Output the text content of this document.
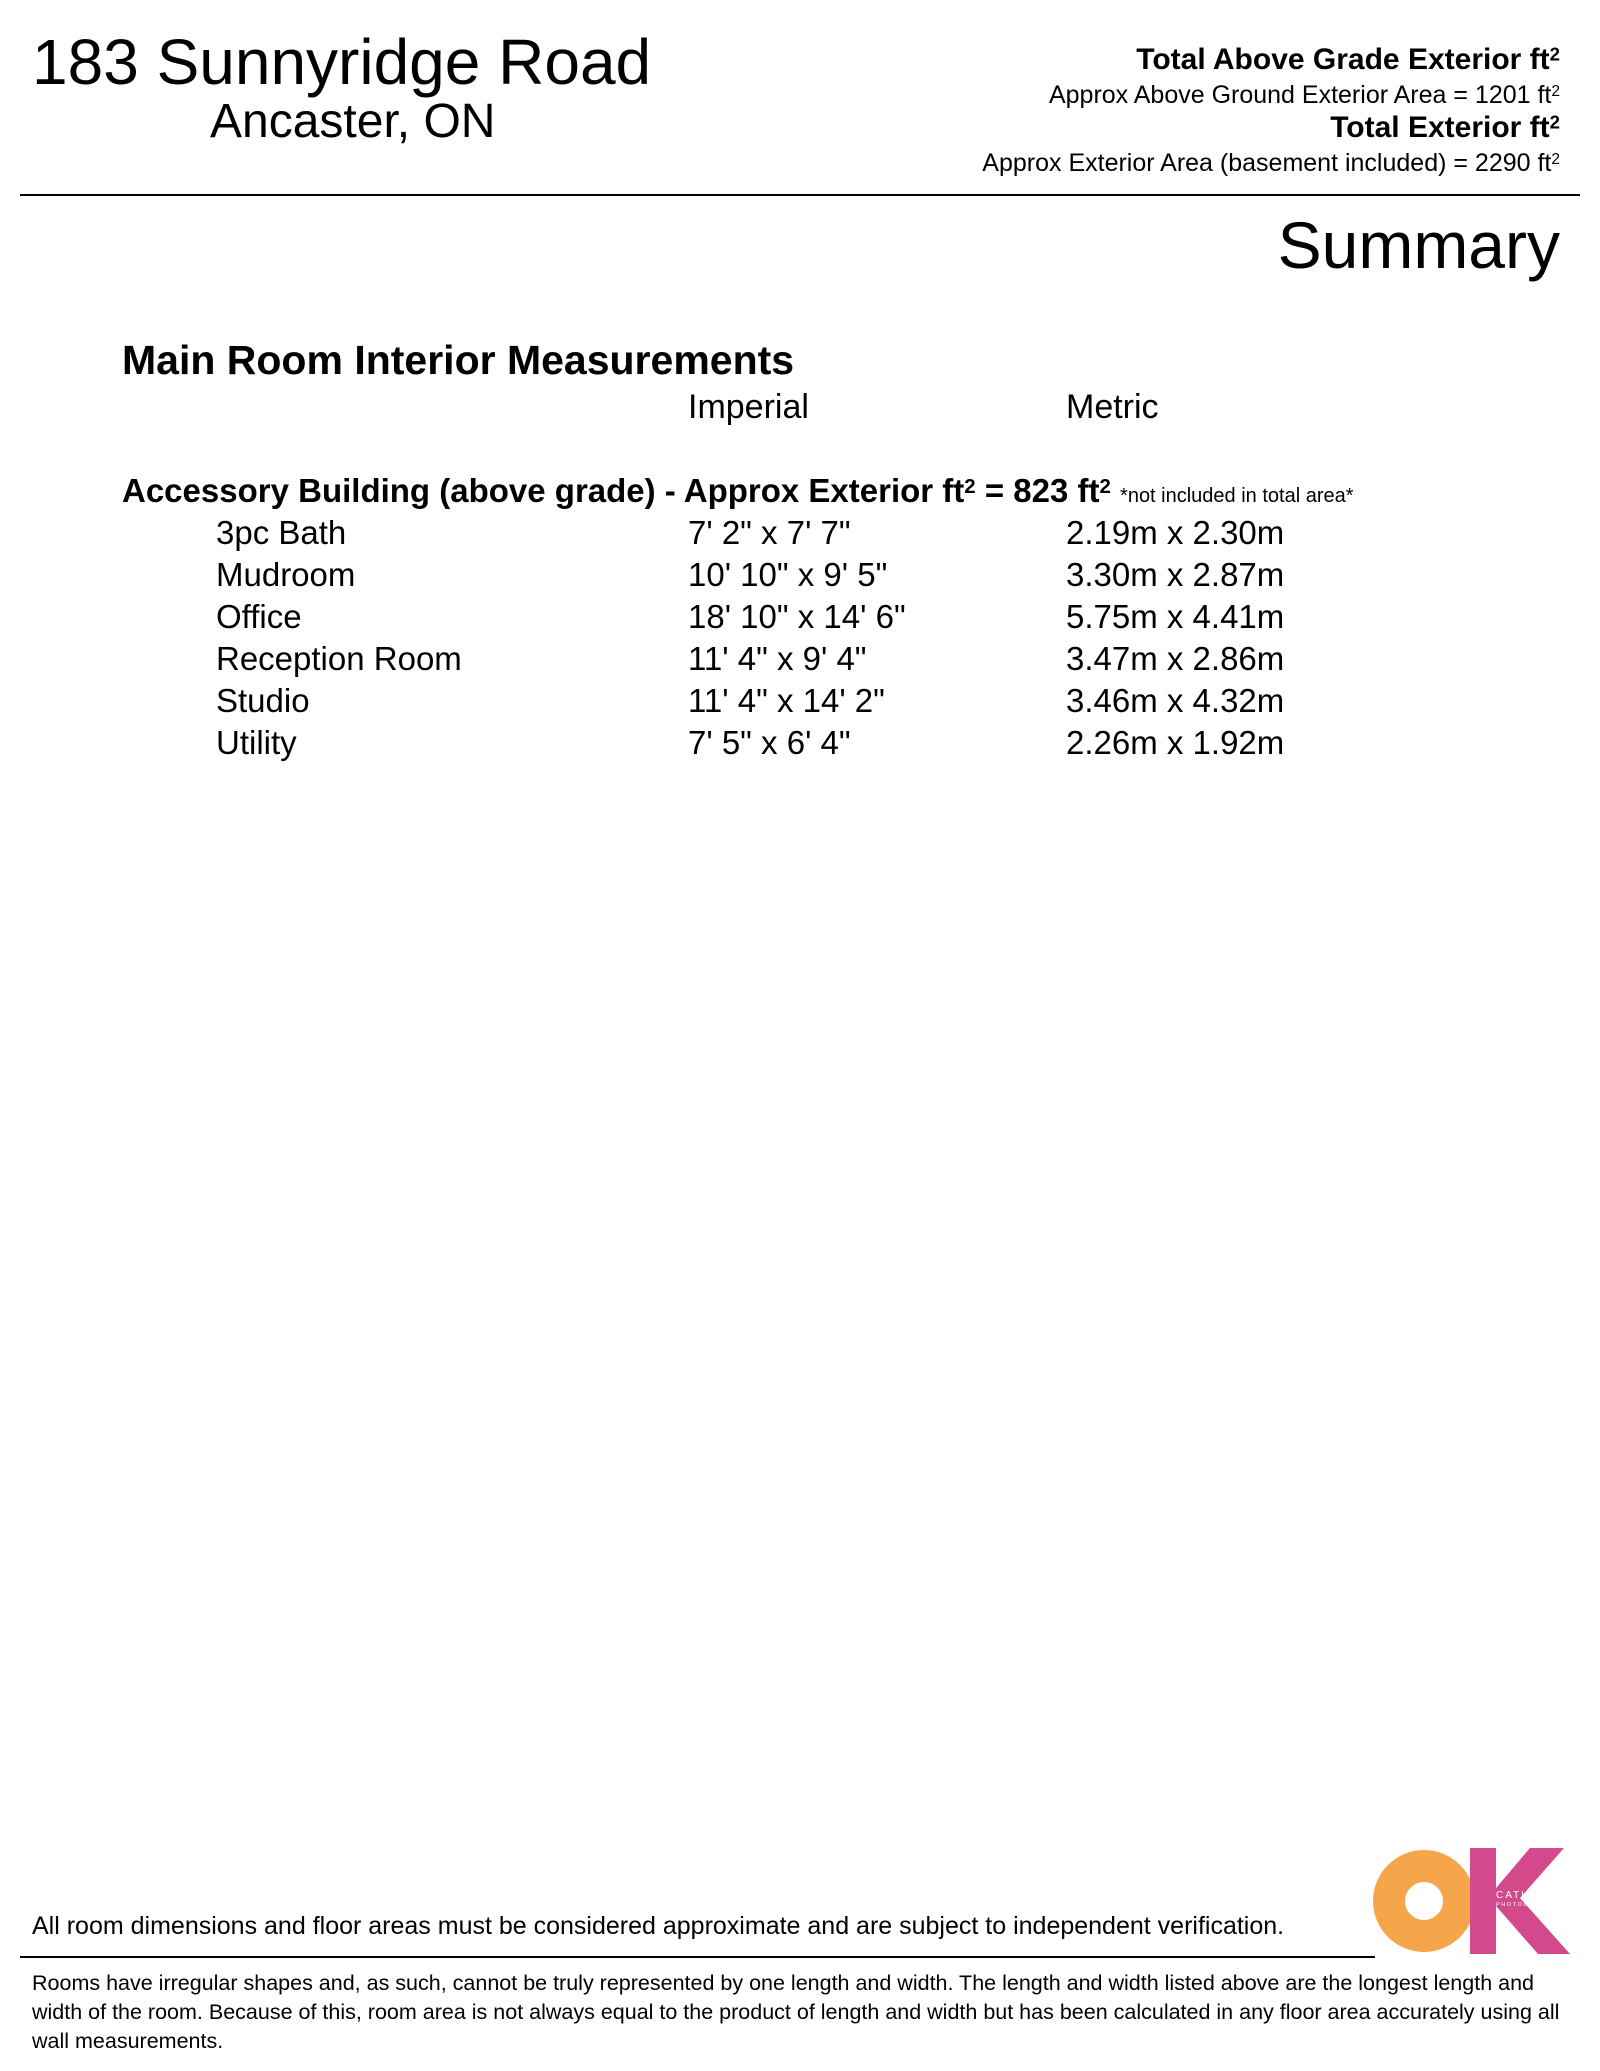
183 Sunnyridge Road
Ancaster, ON
Total Above Grade Exterior $ft^2$
Approx Above Ground Exterior Area = 1201 $ft^2$
Total Exterior $ft^2$
Approx Exterior Area (basement included) = 2290 $ft^2$
Summary
Main Room Interior Measurements
Imperial	Metric
Accessory Building (above grade) - Approx Exterior $ft^2 = 823$ $ft^2$ *not included in total area*
3pc Bath	7' 2" x 7' 7"	2.19m x 2.30m
Mudroom	10' 10" x 9' 5"	3.30m x 2.87m
Office	18' 10" x 14' 6"	5.75m x 4.41m
Reception Room	11' 4" x 9' 4"	3.47m x 2.86m
Studio	11' 4" x 14' 2"	3.46m x 4.32m
Utility	7' 5" x 6' 4"	2.26m x 1.92m
All room dimensions and floor areas must be considered approximate and are subject to independent verification.
Rooms have irregular shapes and, as such, cannot be truly represented by one length and width. The length and width listed above are the longest length and width of the room. Because of this, room area is not always equal to the product of length and width but has been calculated in any floor area accurately using all wall measurements.
CATHY KOOP
PHOTOGRAPHY
